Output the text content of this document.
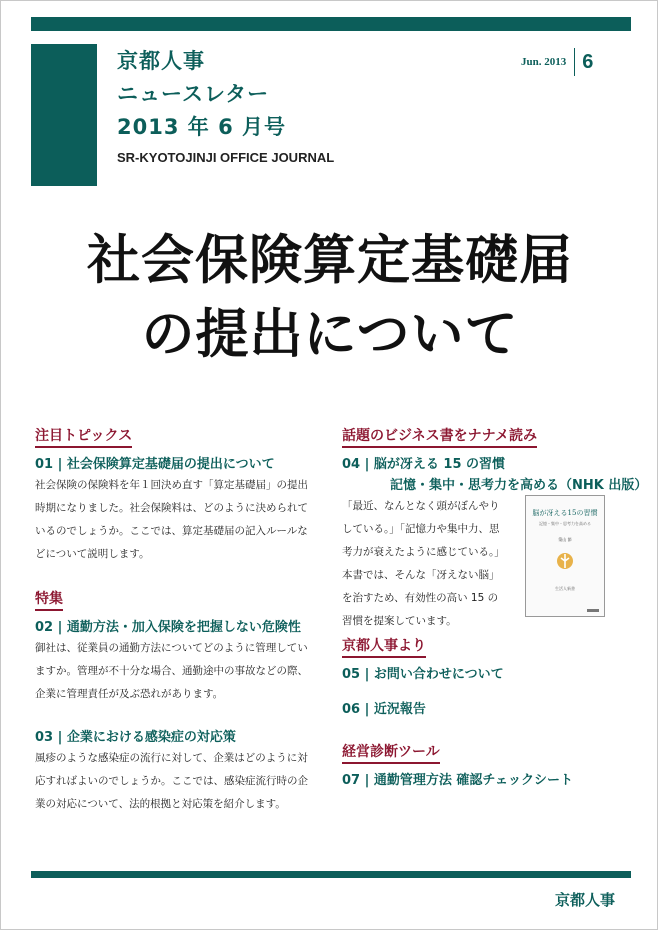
京都人事
ニュースレター
2013 年 6 月号
SR-KYOTOJINJI OFFICE JOURNAL
Jun. 2013 6
社会保険算定基礎届
の提出について
注目トピックス
01 | 社会保険算定基礎届の提出について
社会保険の保険料を年１回決め直す「算定基礎届」の提出
時期になりました。社会保険料は、どのように決められて
いるのでしょうか。ここでは、算定基礎届の記入ルールな
どについて説明します。
特集
02 | 通勤方法・加入保険を把握しない危険性
御社は、従業員の通勤方法についてどのように管理してい
ますか。管理が不十分な場合、通勤途中の事故などの際、
企業に管理責任が及ぶ恐れがあります。
03 | 企業における感染症の対応策
風疹のような感染症の流行に対して、企業はどのように対
応すればよいのでしょうか。ここでは、感染症流行時の企
業の対応について、法的根拠と対応策を紹介します。
話題のビジネス書をナナメ読み
04 | 脳が冴える 15 の習慣
記憶・集中・思考力を高める（NHK 出版）
「最近、なんとなく頭がぼんやり
している。」「記憶力や集中力、思
考力が衰えたように感じている。」
本書では、そんな「冴えない脳」
を治すため、有効性の高い 15 の
習慣を提案しています。
脳が冴える15の習慣
記憶・集中・思考力を高める
築山 節
生活人新書
京都人事より
05 | お問い合わせについて
06 | 近況報告
経営診断ツール
07 | 通勤管理方法 確認チェックシート
京都人事
